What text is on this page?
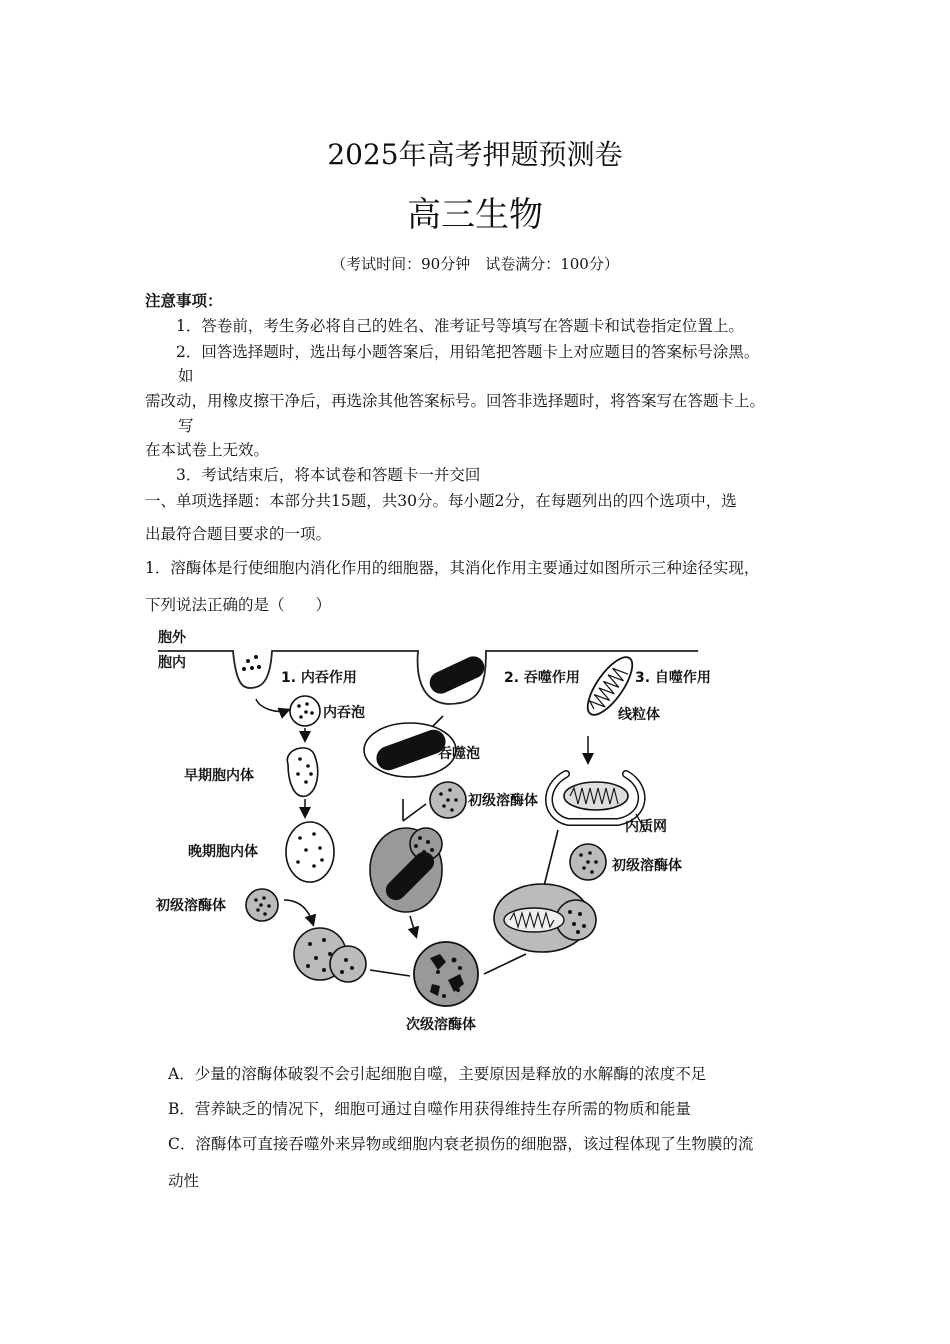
2025年高考押题预测卷
高三生物
（考试时间：90分钟　试卷满分：100分）
注意事项：
1．答卷前，考生务必将自己的姓名、准考证号等填写在答题卡和试卷指定位置上。
2．回答选择题时，选出每小题答案后，用铅笔把答题卡上对应题目的答案标号涂黑。
如
需改动，用橡皮擦干净后，再选涂其他答案标号。回答非选择题时，将答案写在答题卡上。
写
在本试卷上无效。
3．考试结束后，将本试卷和答题卡一并交回
一、单项选择题：本部分共15题，共30分。每小题2分，在每题列出的四个选项中，选
出最符合题目要求的一项。
1．溶酶体是行使细胞内消化作用的细胞器，其消化作用主要通过如图所示三种途径实现，
下列说法正确的是（　　）
胞外
胞内
1. 内吞作用	2. 吞噬作用	3. 自噬作用
线粒体
内吞泡
吞噬泡
早期胞内体
晚期胞内体
初级溶酶体
初级溶酶体
内质网
初级溶酶体
次级溶酶体
A．少量的溶酶体破裂不会引起细胞自噬，主要原因是释放的水解酶的浓度不足
B．营养缺乏的情况下，细胞可通过自噬作用获得维持生存所需的物质和能量
C．溶酶体可直接吞噬外来异物或细胞内衰老损伤的细胞器，该过程体现了生物膜的流
动性
